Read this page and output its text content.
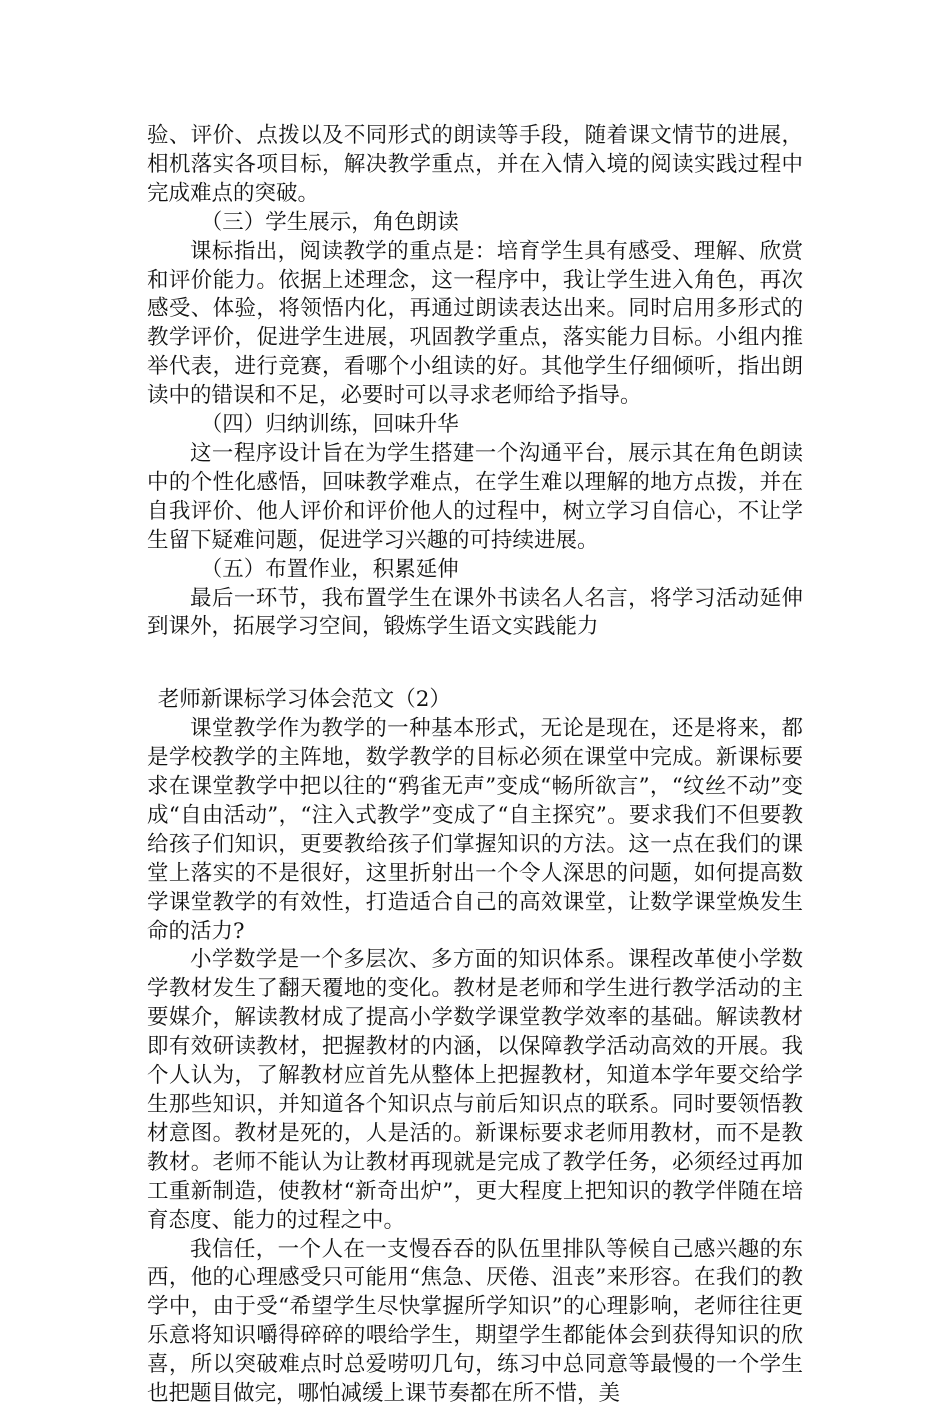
验、评价、点拨以及不同形式的朗读等手段，随着课文情节的进展，相机落实各项目标，解决教学重点，并在入情入境的阅读实践过程中完成难点的突破。

（三）学生展示，角色朗读

课标指出，阅读教学的重点是：培育学生具有感受、理解、欣赏和评价能力。依据上述理念，这一程序中，我让学生进入角色，再次感受、体验，将领悟内化，再通过朗读表达出来。同时启用多形式的教学评价，促进学生进展，巩固教学重点，落实能力目标。小组内推举代表，进行竞赛，看哪个小组读的好。其他学生仔细倾听，指出朗读中的错误和不足，必要时可以寻求老师给予指导。

（四）归纳训练，回味升华

这一程序设计旨在为学生搭建一个沟通平台，展示其在角色朗读中的个性化感悟，回味教学难点，在学生难以理解的地方点拨，并在自我评价、他人评价和评价他人的过程中，树立学习自信心，不让学生留下疑难问题，促进学习兴趣的可持续进展。

（五）布置作业，积累延伸

最后一环节，我布置学生在课外书读名人名言，将学习活动延伸到课外，拓展学习空间，锻炼学生语文实践能力

老师新课标学习体会范文（2）

课堂教学作为教学的一种基本形式，无论是现在，还是将来，都是学校教学的主阵地，数学教学的目标必须在课堂中完成。新课标要求在课堂教学中把以往的“鸦雀无声”变成“畅所欲言”，“纹丝不动”变成“自由活动”，“注入式教学”变成了“自主探究”。要求我们不但要教给孩子们知识，更要教给孩子们掌握知识的方法。这一点在我们的课堂上落实的不是很好，这里折射出一个令人深思的问题，如何提高数学课堂教学的有效性，打造适合自己的高效课堂，让数学课堂焕发生命的活力?

小学数学是一个多层次、多方面的知识体系。课程改革使小学数学教材发生了翻天覆地的变化。教材是老师和学生进行教学活动的主要媒介，解读教材成了提高小学数学课堂教学效率的基础。解读教材即有效研读教材，把握教材的内涵，以保障教学活动高效的开展。我个人认为，了解教材应首先从整体上把握教材，知道本学年要交给学生那些知识，并知道各个知识点与前后知识点的联系。同时要领悟教材意图。教材是死的，人是活的。新课标要求老师用教材，而不是教教材。老师不能认为让教材再现就是完成了教学任务，必须经过再加工重新制造，使教材“新奇出炉”，更大程度上把知识的教学伴随在培育态度、能力的过程之中。

我信任，一个人在一支慢吞吞的队伍里排队等候自己感兴趣的东西，他的心理感受只可能用“焦急、厌倦、沮丧”来形容。在我们的教学中，由于受“希望学生尽快掌握所学知识”的心理影响，老师往往更乐意将知识嚼得碎碎的喂给学生，期望学生都能体会到获得知识的欣喜，所以突破难点时总爱唠叨几句，练习中总同意等最慢的一个学生也把题目做完，哪怕减缓上课节奏都在所不惜，美
